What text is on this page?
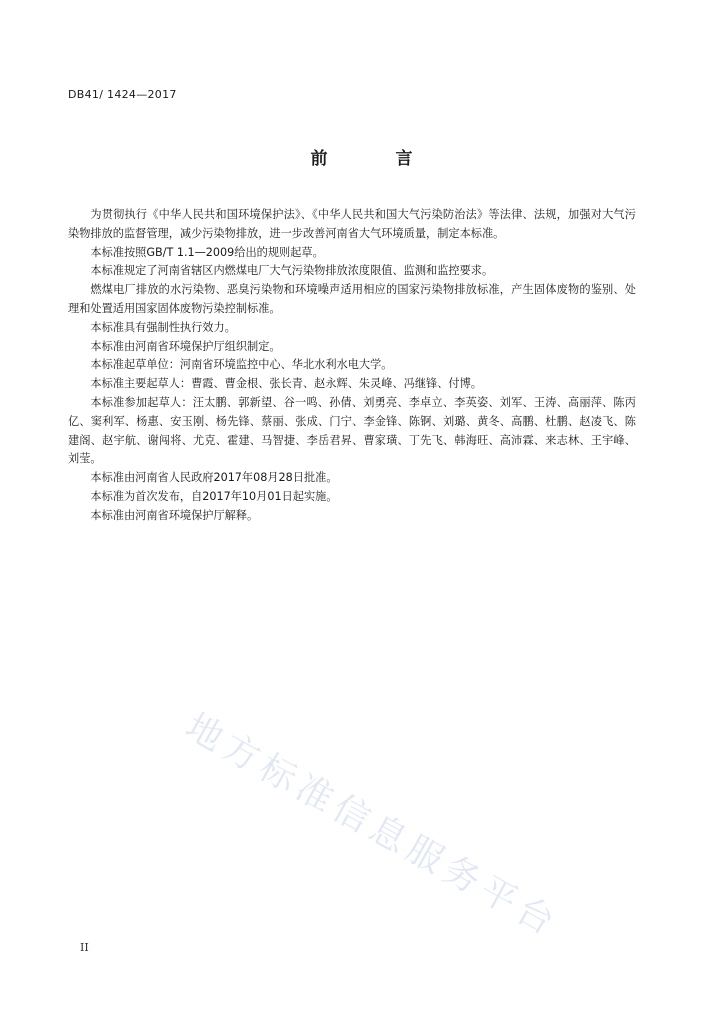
DB41/ 1424—2017
前 言

为贯彻执行《中华人民共和国环境保护法》、《中华人民共和国大气污染防治法》等法律、法规，加强对大气污染物排放的监督管理，减少污染物排放，进一步改善河南省大气环境质量，制定本标准。

本标准按照GB/T 1.1—2009给出的规则起草。

本标准规定了河南省辖区内燃煤电厂大气污染物排放浓度限值、监测和监控要求。

燃煤电厂排放的水污染物、恶臭污染物和环境噪声适用相应的国家污染物排放标准，产生固体废物的鉴别、处理和处置适用国家固体废物污染控制标准。

本标准具有强制性执行效力。

本标准由河南省环境保护厅组织制定。

本标准起草单位：河南省环境监控中心、华北水利水电大学。

本标准主要起草人：曹霞、曹金根、张长青、赵永辉、朱灵峰、冯继锋、付博。

本标准参加起草人：汪太鹏、郭新望、谷一鸣、孙倩、刘勇亮、李卓立、李英姿、刘军、王涛、高丽萍、陈丙亿、窦利军、杨惠、安玉刚、杨先锋、蔡丽、张成、门宁、李金锋、陈锕、刘璐、黄冬、高鹏、杜鹏、赵凌飞、陈建阁、赵宇航、谢闯将、尤克、霍建、马智捷、李岳君昇、曹家璜、丁先飞、韩海旺、高沛霖、来志林、王宇峰、刘莹。

本标准由河南省人民政府2017年08月28日批准。

本标准为首次发布，自2017年10月01日起实施。

本标准由河南省环境保护厅解释。

地方标准信息服务平台
II
